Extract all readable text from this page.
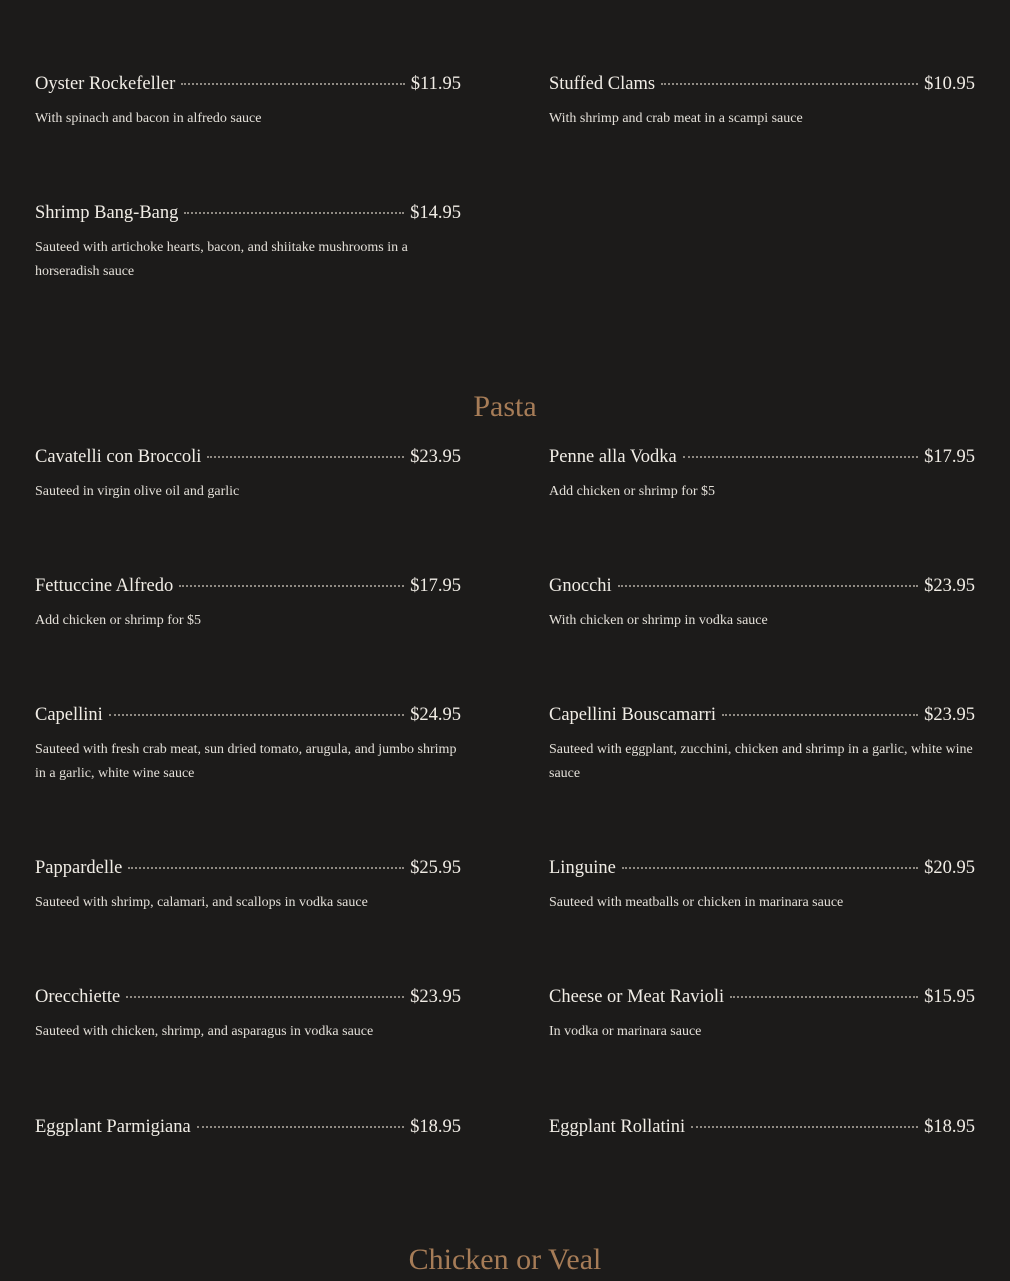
Oyster Rockefeller	$11.95
With spinach and bacon in alfredo sauce
Stuffed Clams	$10.95
With shrimp and crab meat in a scampi sauce
Shrimp Bang-Bang	$14.95
Sauteed with artichoke hearts, bacon, and shiitake mushrooms in a horseradish sauce
Pasta
Cavatelli con Broccoli	$23.95
Sauteed in virgin olive oil and garlic
Penne alla Vodka	$17.95
Add chicken or shrimp for $5
Fettuccine Alfredo	$17.95
Add chicken or shrimp for $5
Gnocchi	$23.95
With chicken or shrimp in vodka sauce
Capellini	$24.95
Sauteed with fresh crab meat, sun dried tomato, arugula, and jumbo shrimp in a garlic, white wine sauce
Capellini Bouscamarri	$23.95
Sauteed with eggplant, zucchini, chicken and shrimp in a garlic, white wine sauce
Pappardelle	$25.95
Sauteed with shrimp, calamari, and scallops in vodka sauce
Linguine	$20.95
Sauteed with meatballs or chicken in marinara sauce
Orecchiette	$23.95
Sauteed with chicken, shrimp, and asparagus in vodka sauce
Cheese or Meat Ravioli	$15.95
In vodka or marinara sauce
Eggplant Parmigiana	$18.95	Eggplant Rollatini	$18.95
Chicken or Veal
